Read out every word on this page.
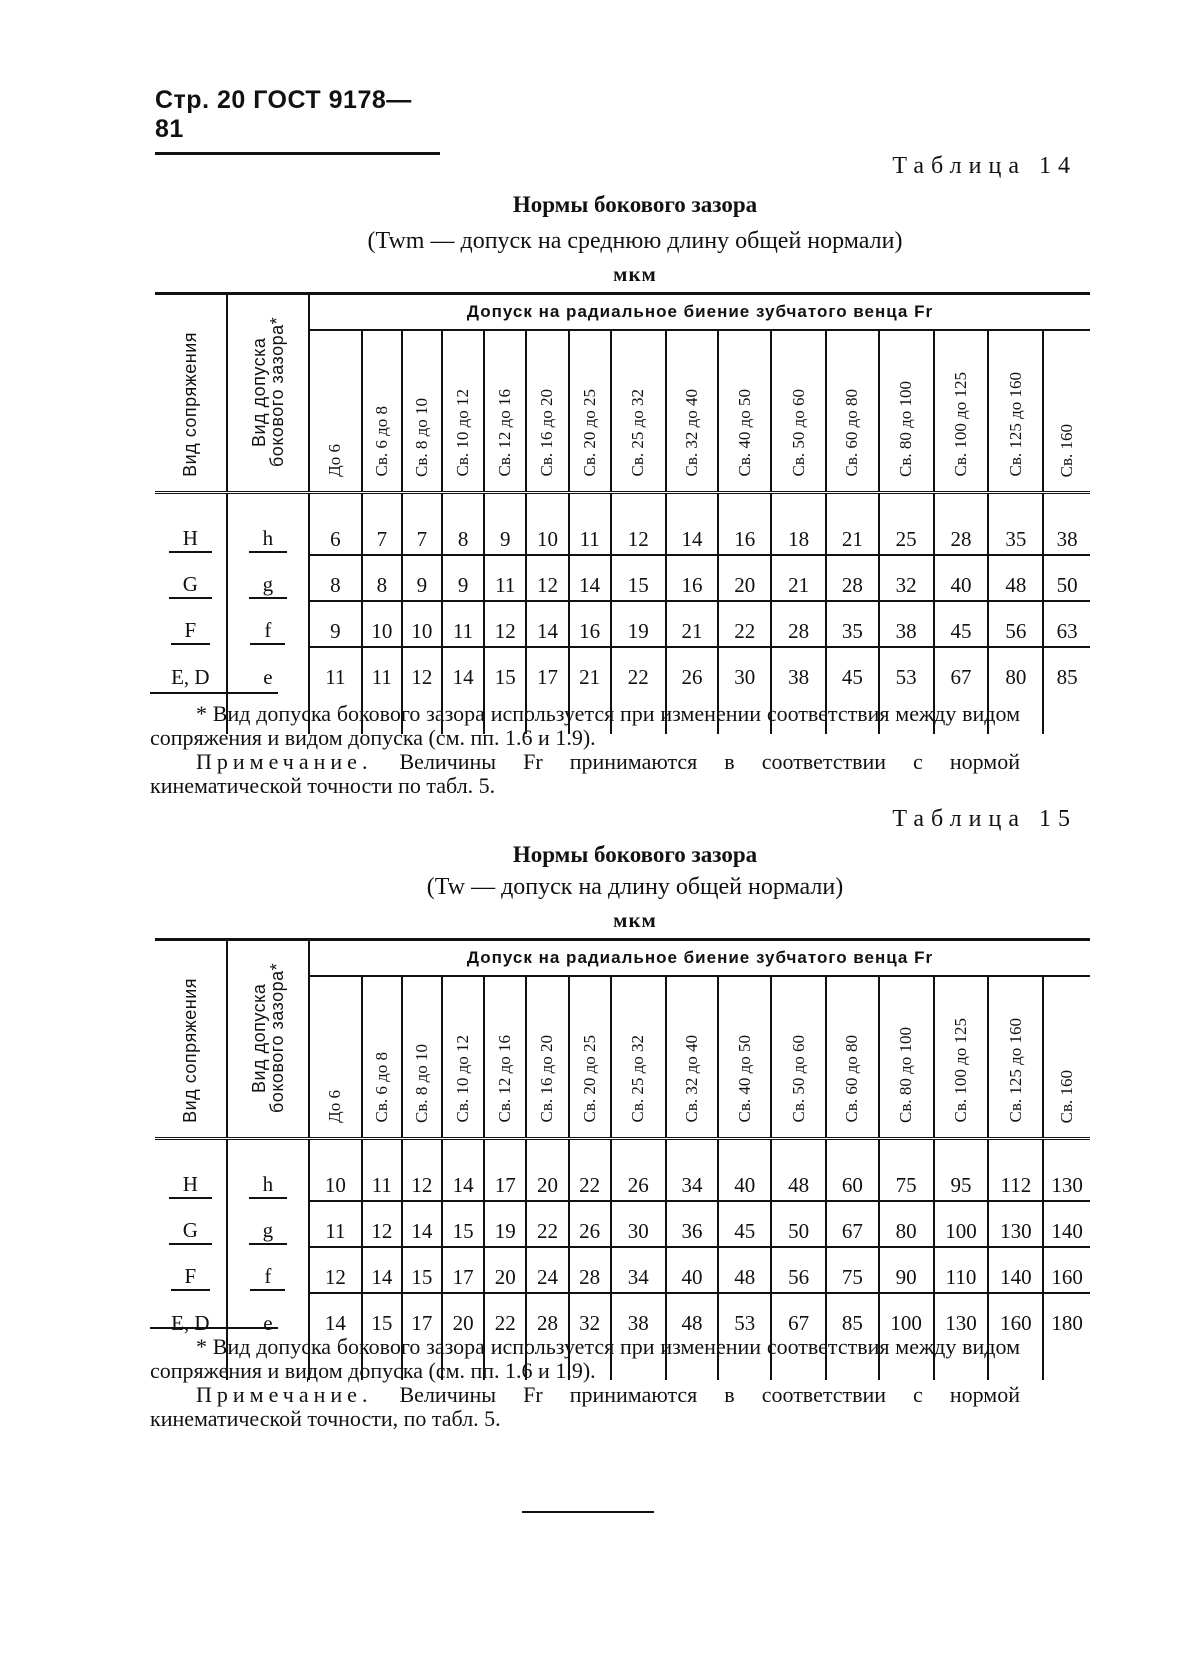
Стр. 20 ГОСТ 9178—81
Таблица 14
Нормы бокового зазора
(Twm — допуск на среднюю длину общей нормали)
мкм
Вид сопряжения	Вид допуска бокового зазора*	Допуск на радиальное биение зубчатого венца Fr															
		До 6	Св. 6 до 8	Св. 8 до 10	Св. 10 до 12	Св. 12 до 16	Св. 16 до 20	Св. 20 до 25	Св. 25 до 32	Св. 32 до 40	Св. 40 до 50	Св. 50 до 60	Св. 60 до 80	Св. 80 до 100	Св. 100 до 125	Св. 125 до 160	Св. 160

H	h	6	7	7	8	9	10	11	12	14	16	18	21	25	28	35	38
G	g	8	8	9	9	11	12	14	15	16	20	21	28	32	40	48	50
F	f	9	10	10	11	12	14	16	19	21	22	28	35	38	45	56	63
E, D	e	11	11	12	14	15	17	21	22	26	30	38	45	53	67	80	85

* Вид допуска бокового зазора используется при изменении соответствия между видом сопряжения и видом допуска (см. пп. 1.6 и 1.9).

Примечание. Величины Fr принимаются в соответствии с нормой кинематической точности по табл. 5.

Таблица 15
Нормы бокового зазора
(Tw — допуск на длину общей нормали)
мкм
Вид сопряжения	Вид допуска бокового зазора*	Допуск на радиальное биение зубчатого венца Fr															
		До 6	Св. 6 до 8	Св. 8 до 10	Св. 10 до 12	Св. 12 до 16	Св. 16 до 20	Св. 20 до 25	Св. 25 до 32	Св. 32 до 40	Св. 40 до 50	Св. 50 до 60	Св. 60 до 80	Св. 80 до 100	Св. 100 до 125	Св. 125 до 160	Св. 160

H	h	10	11	12	14	17	20	22	26	34	40	48	60	75	95	112	130
G	g	11	12	14	15	19	22	26	30	36	45	50	67	80	100	130	140
F	f	12	14	15	17	20	24	28	34	40	48	56	75	90	110	140	160
E, D	e	14	15	17	20	22	28	32	38	48	53	67	85	100	130	160	180

* Вид допуска бокового зазора используется при изменении соответствия между видом сопряжения и видом допуска (см. пп. 1.6 и 1.9).

Примечание. Величины Fr принимаются в соответствии с нормой кинематической точности, по табл. 5.
